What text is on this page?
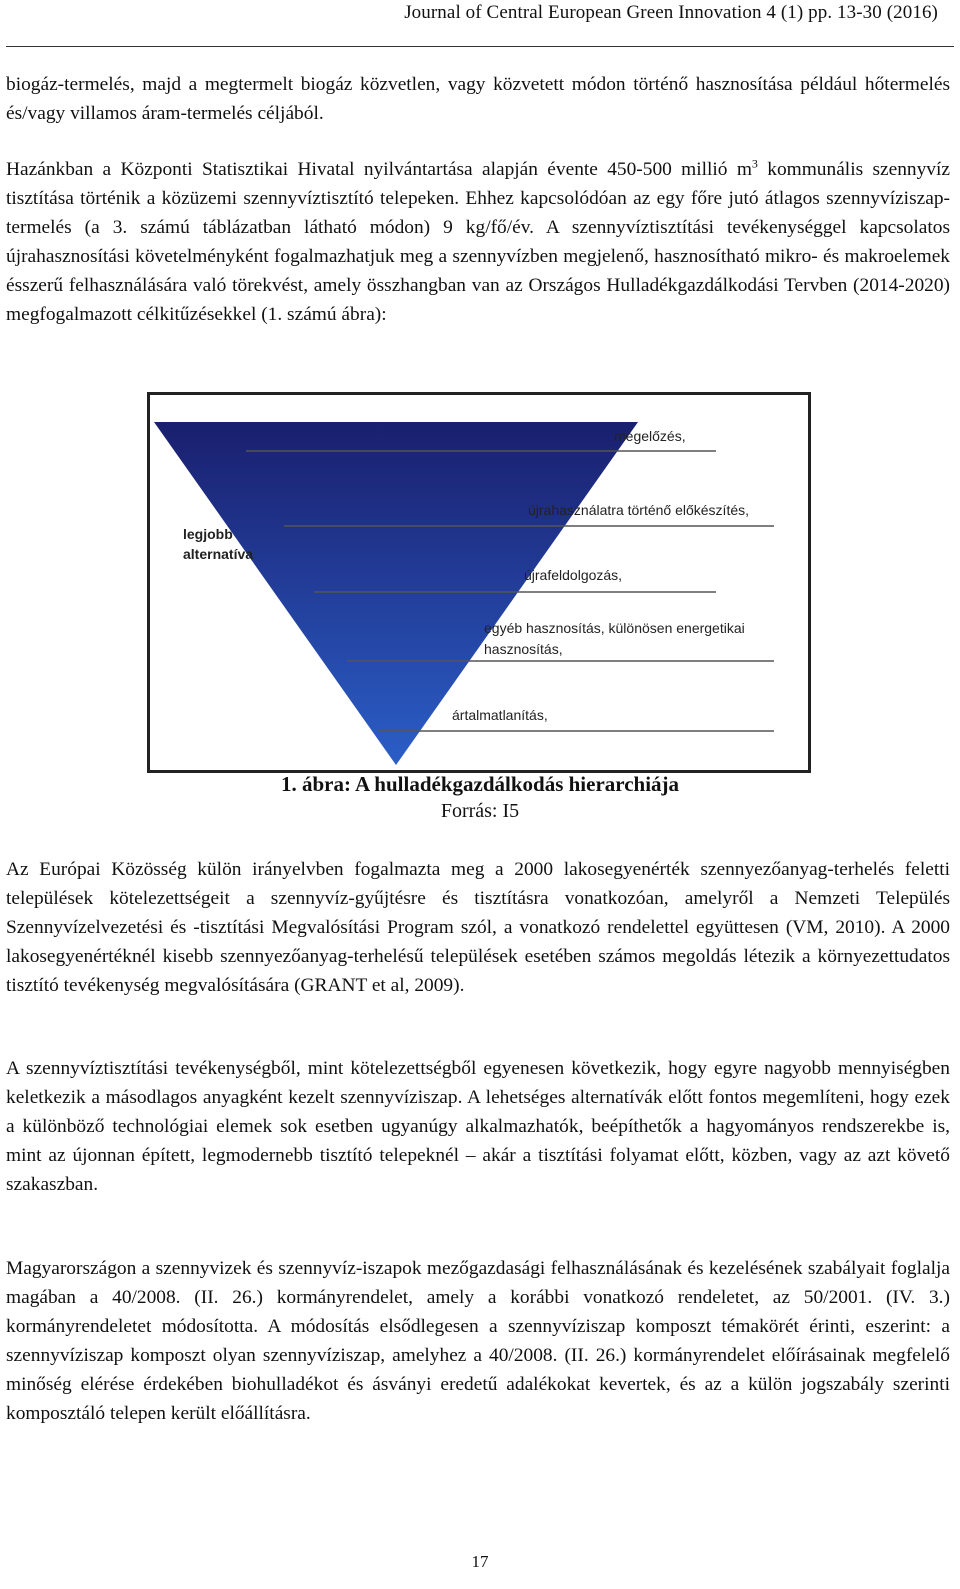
Journal of Central European Green Innovation 4 (1) pp. 13-30 (2016)

biogáz-termelés, majd a megtermelt biogáz közvetlen, vagy közvetett módon történő hasznosítása például hőtermelés és/vagy villamos áram-termelés céljából.

Hazánkban a Központi Statisztikai Hivatal nyilvántartása alapján évente 450-500 millió $m^3$ kommunális szennyvíz tisztítása történik a közüzemi szennyvíztisztító telepeken. Ehhez kapcsolódóan az egy főre jutó átlagos szennyvíziszap-termelés (a 3. számú táblázatban látható módon) 9 kg/fő/év. A szennyvíztisztítási tevékenységgel kapcsolatos újrahasznosítási követelményként fogalmazhatjuk meg a szennyvízben megjelenő, hasznosítható mikro- és makroelemek ésszerű felhasználására való törekvést, amely összhangban van az Országos Hulladékgazdálkodási Tervben (2014-2020) megfogalmazott célkitűzésekkel (1. számú ábra):

legjobb
alternatíva
megelőzés,
újrahasználatra történő előkészítés,
újrafeldolgozás,
egyéb hasznosítás, különösen energetikai
hasznosítás,
ártalmatlanítás,
1. ábra: A hulladékgazdálkodás hierarchiája
Forrás: I5

Az Európai Közösség külön irányelvben fogalmazta meg a 2000 lakosegyenérték szennyezőanyag-terhelés feletti települések kötelezettségeit a szennyvíz-gyűjtésre és tisztításra vonatkozóan, amelyről a Nemzeti Település Szennyvízelvezetési és -tisztítási Megvalósítási Program szól, a vonatkozó rendelettel együttesen (VM, 2010). A 2000 lakosegyenértéknél kisebb szennyezőanyag-terhelésű települések esetében számos megoldás létezik a környezettudatos tisztító tevékenység megvalósítására (GRANT et al, 2009).

A szennyvíztisztítási tevékenységből, mint kötelezettségből egyenesen következik, hogy egyre nagyobb mennyiségben keletkezik a másodlagos anyagként kezelt szennyvíziszap. A lehetséges alternatívák előtt fontos megemlíteni, hogy ezek a különböző technológiai elemek sok esetben ugyanúgy alkalmazhatók, beépíthetők a hagyományos rendszerekbe is, mint az újonnan épített, legmodernebb tisztító telepeknél – akár a tisztítási folyamat előtt, közben, vagy az azt követő szakaszban.

Magyarországon a szennyvizek és szennyvíz-iszapok mezőgazdasági felhasználásának és kezelésének szabályait foglalja magában a 40/2008. (II. 26.) kormányrendelet, amely a korábbi vonatkozó rendeletet, az 50/2001. (IV. 3.) kormányrendeletet módosította. A módosítás elsődlegesen a szennyvíziszap komposzt témakörét érinti, eszerint: a szennyvíziszap komposzt olyan szennyvíziszap, amelyhez a 40/2008. (II. 26.) kormányrendelet előírásainak megfelelő minőség elérése érdekében biohulladékot és ásványi eredetű adalékokat kevertek, és az a külön jogszabály szerinti komposztáló telepen került előállításra.

17
